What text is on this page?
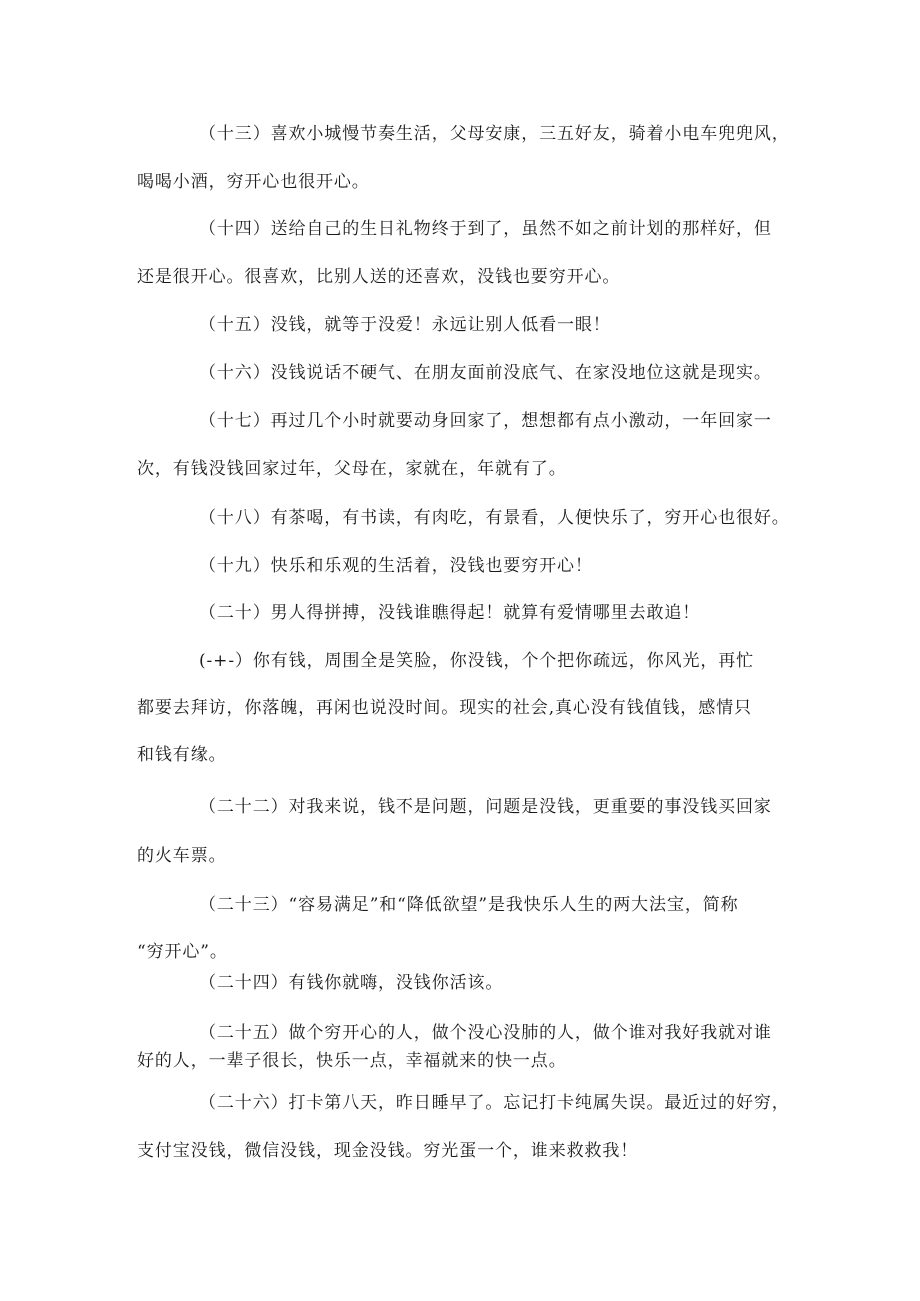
（十三）喜欢小城慢节奏生活，父母安康，三五好友，骑着小电车兜兜风，
喝喝小酒，穷开心也很开心。
（十四）送给自己的生日礼物终于到了，虽然不如之前计划的那样好，但
还是很开心。很喜欢，比别人送的还喜欢，没钱也要穷开心。
（十五）没钱，就等于没爱！永远让别人低看一眼！
（十六）没钱说话不硬气、在朋友面前没底气、在家没地位这就是现实。
（十七）再过几个小时就要动身回家了，想想都有点小激动，一年回家一
次，有钱没钱回家过年，父母在，家就在，年就有了。
（十八）有茶喝，有书读，有肉吃，有景看，人便快乐了，穷开心也很好。
（十九）快乐和乐观的生活着，没钱也要穷开心！
（二十）男人得拼搏，没钱谁瞧得起！就算有爱情哪里去敢追！
(-+-）你有钱，周围全是笑脸，你没钱，个个把你疏远，你风光，再忙
都要去拜访，你落魄，再闲也说没时间。现实的社会,真心没有钱值钱，感情只
和钱有缘。
（二十二）对我来说，钱不是问题，问题是没钱，更重要的事没钱买回家
的火车票。
（二十三）“容易满足”和“降低欲望”是我快乐人生的两大法宝，简称
“穷开心”。
（二十四）有钱你就嗨，没钱你活该。
（二十五）做个穷开心的人，做个没心没肺的人，做个谁对我好我就对谁
好的人，一辈子很长，快乐一点，幸福就来的快一点。
（二十六）打卡第八天，昨日睡早了。忘记打卡纯属失误。最近过的好穷，
支付宝没钱，微信没钱，现金没钱。穷光蛋一个，谁来救救我！
